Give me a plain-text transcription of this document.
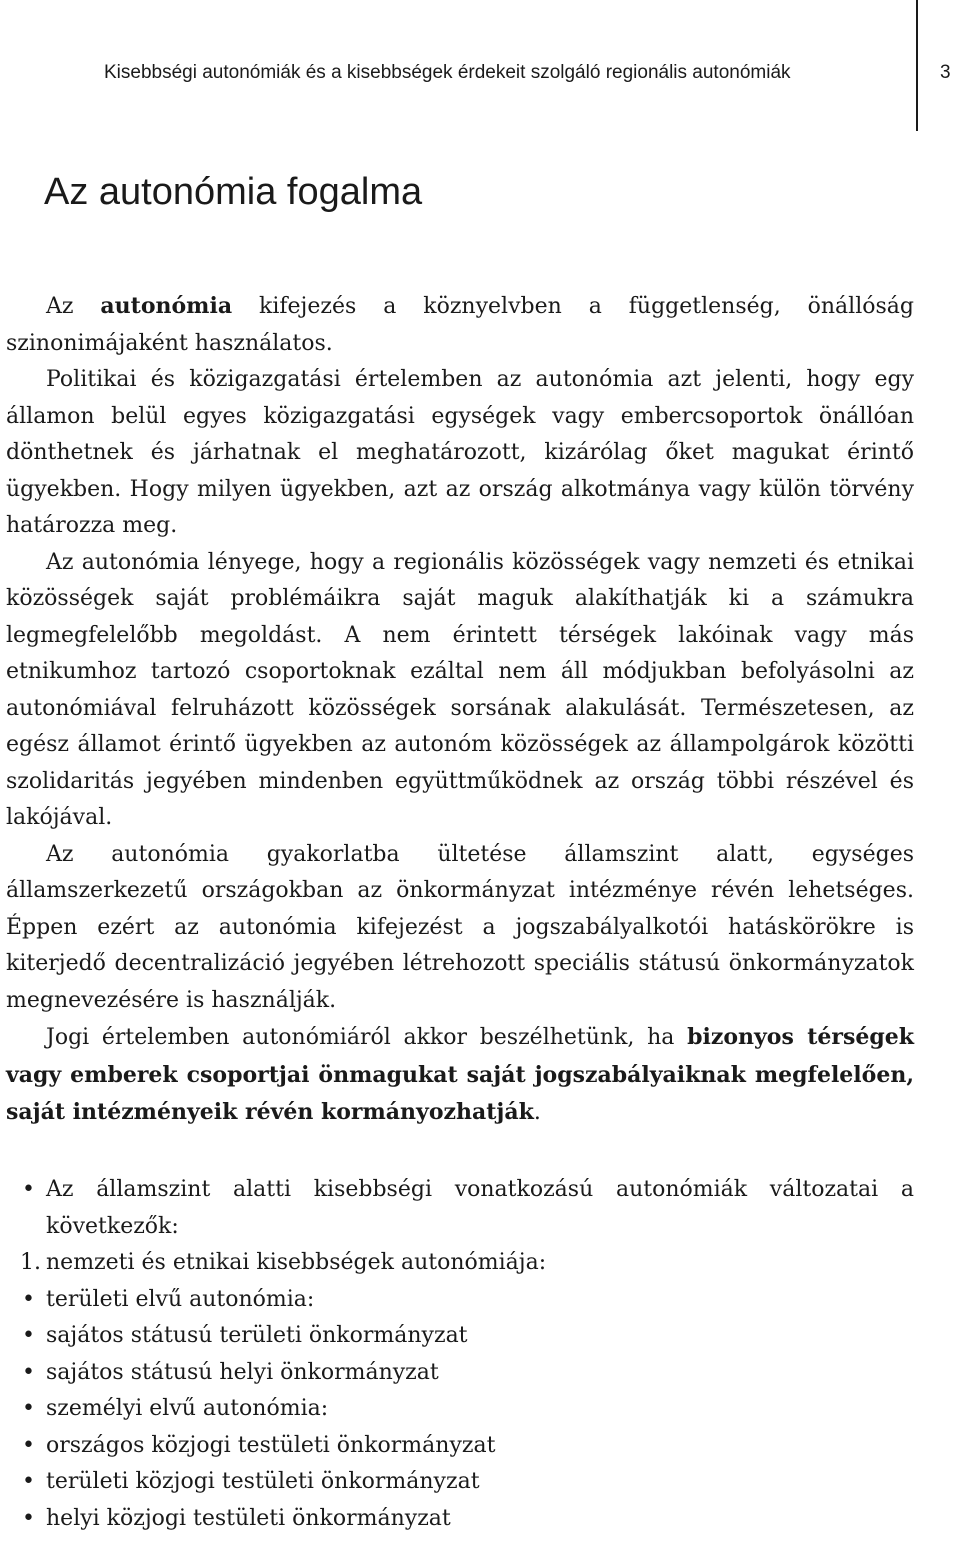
Kisebbségi autonómiák és a kisebbségek érdekeit szolgáló regionális autonómiák	3
Az autonómia fogalma

Az autonómia kifejezés a köznyelvben a függetlenség, önállóság szinonimájaként használatos.

Politikai és közigazgatási értelemben az autonómia azt jelenti, hogy egy államon belül egyes közigazgatási egységek vagy embercsoportok önállóan dönthetnek és járhatnak el meghatározott, kizárólag őket magukat érintő ügyekben. Hogy milyen ügyekben, azt az ország alkotmánya vagy külön törvény határozza meg.

Az autonómia lényege, hogy a regionális közösségek vagy nemzeti és etnikai közösségek saját problémáikra saját maguk alakíthatják ki a számukra legmegfelelőbb megoldást. A nem érintett térségek lakóinak vagy más etnikumhoz tartozó csoportoknak ezáltal nem áll módjukban befolyásolni az autonómiával felruházott közösségek sorsának alakulását. Természetesen, az egész államot érintő ügyekben az autonóm közösségek az állampolgárok közötti szolidaritás jegyében mindenben együttműködnek az ország többi részével és lakójával.

Az autonómia gyakorlatba ültetése államszint alatt, egységes államszerkezetű országokban az önkormányzat intézménye révén lehetséges. Éppen ezért az autonómia kifejezést a jogszabályalkotói hatáskörökre is kiterjedő decentralizáció jegyében létrehozott speciális státusú önkormányzatok megnevezésére is használják.

Jogi értelemben autonómiáról akkor beszélhetünk, ha bizonyos térségek vagy emberek csoportjai önmagukat saját jogszabályaiknak megfelelően, saját intézményeik révén kormányozhatják.

• Az államszint alatti kisebbségi vonatkozású autonómiák változatai a következők:
1. nemzeti és etnikai kisebbségek autonómiája:
• területi elvű autonómia:
• sajátos státusú területi önkormányzat
• sajátos státusú helyi önkormányzat
• személyi elvű autonómia:
• országos közjogi testületi önkormányzat
• területi közjogi testületi önkormányzat
• helyi közjogi testületi önkormányzat
